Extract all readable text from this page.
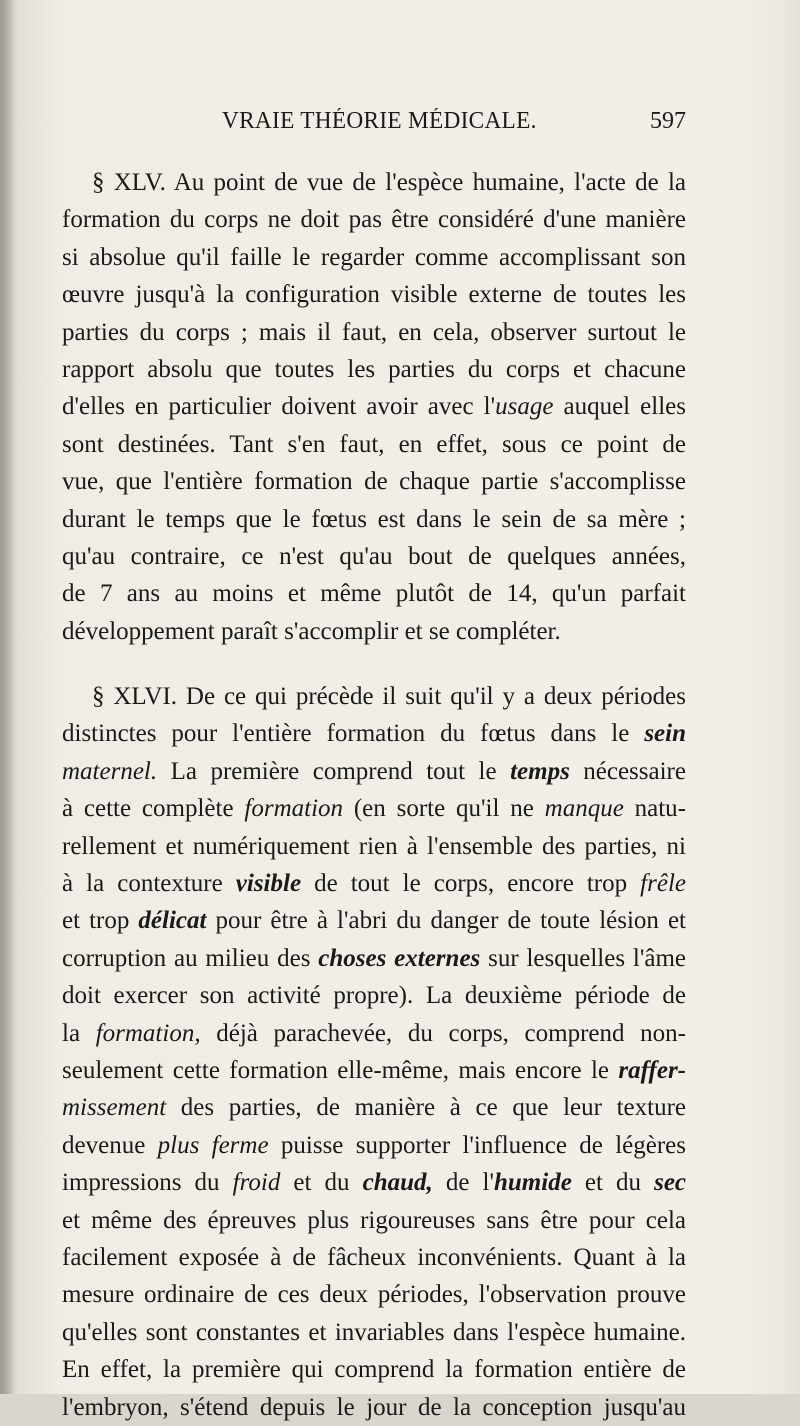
VRAIE THÉORIE MÉDICALE.	597
§ XLV. Au point de vue de l'espèce humaine, l'acte de la
formation du corps ne doit pas être considéré d'une manière
si absolue qu'il faille le regarder comme accomplissant son
œuvre jusqu'à la configuration visible externe de toutes les
parties du corps ; mais il faut, en cela, observer surtout le
rapport absolu que toutes les parties du corps et chacune
d'elles en particulier doivent avoir avec l'usage auquel elles
sont destinées. Tant s'en faut, en effet, sous ce point de
vue, que l'entière formation de chaque partie s'accomplisse
durant le temps que le fœtus est dans le sein de sa mère ;
qu'au contraire, ce n'est qu'au bout de quelques années,
de 7 ans au moins et même plutôt de 14, qu'un parfait
développement paraît s'accomplir et se compléter.
§ XLVI. De ce qui précède il suit qu'il y a deux périodes
distinctes pour l'entière formation du fœtus dans le sein
maternel. La première comprend tout le temps nécessaire
à cette complète formation (en sorte qu'il ne manque natu-
rellement et numériquement rien à l'ensemble des parties, ni
à la contexture visible de tout le corps, encore trop frêle
et trop délicat pour être à l'abri du danger de toute lésion et
corruption au milieu des choses externes sur lesquelles l'âme
doit exercer son activité propre). La deuxième période de
la formation, déjà parachevée, du corps, comprend non-
seulement cette formation elle-même, mais encore le raffer-
missement des parties, de manière à ce que leur texture
devenue plus ferme puisse supporter l'influence de légères
impressions du froid et du chaud, de l'humide et du sec
et même des épreuves plus rigoureuses sans être pour cela
facilement exposée à de fâcheux inconvénients. Quant à la
mesure ordinaire de ces deux périodes, l'observation prouve
qu'elles sont constantes et invariables dans l'espèce humaine.
En effet, la première qui comprend la formation entière de
l'embryon, s'étend depuis le jour de la conception jusqu'au
